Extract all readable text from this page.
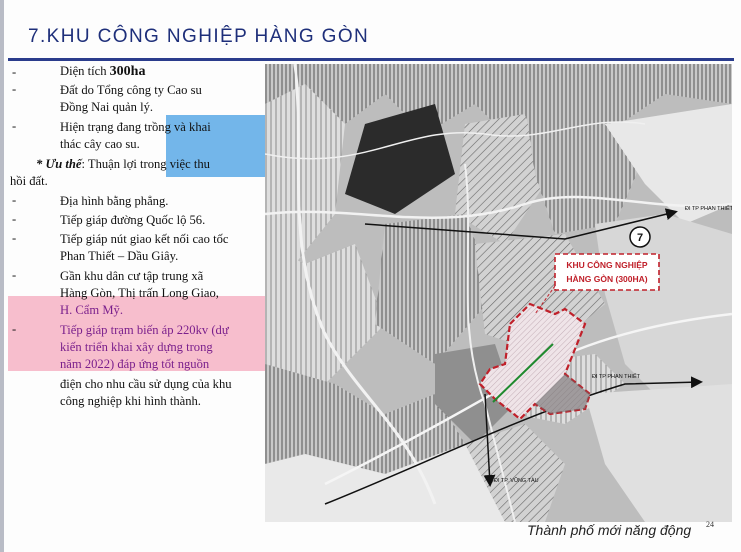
7.KHU CÔNG NGHIỆP HÀNG GÒN
-	Diện tích 300ha
-	Đất do Tổng công ty Cao su
Đồng Nai quản lý.
-	Hiện trạng đang trồng và khai
thác cây cao su.
* Ưu thế: Thuận lợi trong việc thu
hồi đất.
-	Địa hình bằng phẳng.
-	Tiếp giáp đường Quốc lộ 56.
-	Tiếp giáp nút giao kết nối cao tốc
Phan Thiết – Dầu Giây.
-	Gần khu dân cư tập trung xã
Hàng Gòn, Thị trấn Long Giao,
H. Cẩm Mỹ.
-	Tiếp giáp trạm biến áp 220kv (dự
kiến triển khai xây dựng trong
năm 2022) đáp ứng tốt nguồn
điện cho nhu cầu sử dụng của khu
công nghiệp khi hình thành.
KHU CÔNG NGHIỆP
HÀNG GÒN (300HA)
7
ĐI TP PHAN THIẾT
ĐI TP PHAN THIẾT
ĐI TP. VŨNG TÀU
Thành phố mới năng động 24
